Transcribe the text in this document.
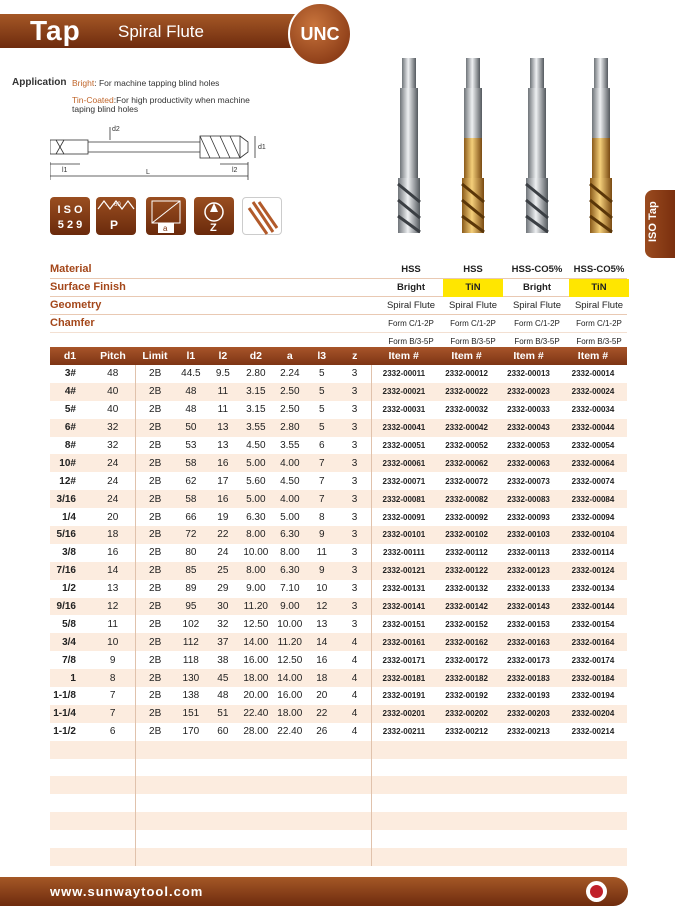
Tap Spiral Flute	UNC
Application Bright: For machine tapping blind holes
Tin-Coated:For high productivity when machine
taping blind holes
d2
d1
l1	l2
L
I S O
5 2 9
60
P	a	Z	ISO Tap
Material	HSS	HSS	HSS-CO5%	HSS-CO5%
Surface Finish	Bright	TiN	Bright	TiN
Geometry	Spiral Flute	Spiral Flute	Spiral Flute	Spiral Flute
Chamfer	Form C/1-2P	Form C/1-2P	Form C/1-2P	Form C/1-2P
Form B/3-5P	Form B/3-5P	Form B/3-5P	Form B/3-5P
d1	Pitch	Limit	l1	l2	d2	a	l3	z	Item #	Item #	Item #	Item #
3#	48	2B	44.5	9.5	2.80	2.24	5	3	2332-00011	2332-00012	2332-00013	2332-00014
4#	40	2B	48	11	3.15	2.50	5	3	2332-00021	2332-00022	2332-00023	2332-00024
5#	40	2B	48	11	3.15	2.50	5	3	2332-00031	2332-00032	2332-00033	2332-00034
6#	32	2B	50	13	3.55	2.80	5	3	2332-00041	2332-00042	2332-00043	2332-00044
8#	32	2B	53	13	4.50	3.55	6	3	2332-00051	2332-00052	2332-00053	2332-00054
10#	24	2B	58	16	5.00	4.00	7	3	2332-00061	2332-00062	2332-00063	2332-00064
12#	24	2B	62	17	5.60	4.50	7	3	2332-00071	2332-00072	2332-00073	2332-00074
3/16	24	2B	58	16	5.00	4.00	7	3	2332-00081	2332-00082	2332-00083	2332-00084
1/4	20	2B	66	19	6.30	5.00	8	3	2332-00091	2332-00092	2332-00093	2332-00094
5/16	18	2B	72	22	8.00	6.30	9	3	2332-00101	2332-00102	2332-00103	2332-00104
3/8	16	2B	80	24	10.00	8.00	11	3	2332-00111	2332-00112	2332-00113	2332-00114
7/16	14	2B	85	25	8.00	6.30	9	3	2332-00121	2332-00122	2332-00123	2332-00124
1/2	13	2B	89	29	9.00	7.10	10	3	2332-00131	2332-00132	2332-00133	2332-00134
9/16	12	2B	95	30	11.20	9.00	12	3	2332-00141	2332-00142	2332-00143	2332-00144
5/8	11	2B	102	32	12.50	10.00	13	3	2332-00151	2332-00152	2332-00153	2332-00154
3/4	10	2B	112	37	14.00	11.20	14	4	2332-00161	2332-00162	2332-00163	2332-00164
7/8	9	2B	118	38	16.00	12.50	16	4	2332-00171	2332-00172	2332-00173	2332-00174
1	8	2B	130	45	18.00	14.00	18	4	2332-00181	2332-00182	2332-00183	2332-00184
1-1/8	7	2B	138	48	20.00	16.00	20	4	2332-00191	2332-00192	2332-00193	2332-00194
1-1/4	7	2B	151	51	22.40	18.00	22	4	2332-00201	2332-00202	2332-00203	2332-00204
1-1/2	6	2B	170	60	28.00	22.40	26	4	2332-00211	2332-00212	2332-00213	2332-00214

www.sunwaytool.com
